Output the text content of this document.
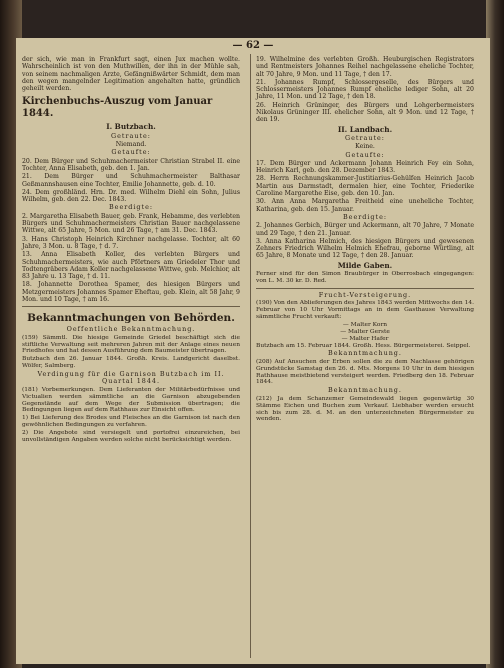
— 62 —

der sich, wie man in Frankfurt sagt, einen Jux machen wollte. Wahrscheinlich ist von den Muthwillen, der ihn in der Mühle sah, von seinem nachmaligen Arzte, Gefängnißwärter Schmidt, dem man den wegen mangelnder Legitimation angehalten hatte, gründlich geheilt werden.

Kirchenbuchs-Auszug vom Januar 1844.
I. Butzbach.
Getraute:
Niemand.
Getaufte:

20. Dem Bürger und Schuhmachermeister Christian Strabel II. eine Tochter, Anna Elisabeth, geb. den 1. Jan.

21. Dem Bürger und Schuhmachermeister Balthasar Geßmannshausen eine Tochter, Emilie Johannette, geb. d. 10.

24. Dem großhländ. Hrn. Dr. med. Wilhelm Diehl ein Sohn, Julius Wilhelm, geb. den 22. Dec. 1843.

Beerdigte:

2. Margaretha Elisabeth Bauer, geb. Frank, Hebamme, des verlebten Bürgers und Schuhmachermeisters Christian Bauer nachgelassene Wittwe, alt 65 Jahre, 5 Mon. und 26 Tage, † am 31. Dec. 1843.

3. Hans Christoph Heinrich Kirchner nachgelasse. Tochter, alt 60 Jahre, 3 Mon. u. 8 Tage, † d. 7.

13. Anna Elisabeth Koller, des verlebten Bürgers und Schuhmachermeisters, wie auch Pförtners am Griedeler Thor und Todtengräbers Adam Koller nachgelassene Wittwe, geb. Melchior, alt 83 Jahre u. 13 Tage, † d. 11.

18. Johannette Dorothea Spamer, des hiesigen Bürgers und Metzgermeisters Johannes Spamer Eheftau, geb. Klein, alt 58 Jahr, 9 Mon. und 10 Tage, † am 16.

Bekanntmachungen von Behörden.
Oeffentliche Bekanntmachung.

(159) Sämmtl. Die hiesige Gemeinde Griedel beschäftigt sich die stiftliche Verwaltung seit mehreren Jahren mit der Anlage eines neuen Friedhofes und hat dessen Ausführung dem Baumeister übertragen.

Butzbach den 26. Januar 1844. Großh. Kreis. Landgericht daselbst. Wölfer, Salmberg.

Verdingung für die Garnison Butzbach im II. Quartal 1844.

(181) Vorbemerkungen. Dem Lieferanten der Militärbedürfnisse und Victualien werden sämmtliche an die Garnison abzugebenden Gegenstände auf dem Wege der Submission übertragen; die Bedingungen liegen auf dem Rathhaus zur Einsicht offen.

1) Bei Lieferung des Brodes und Fleisches an die Garnison ist nach den gewöhnlichen Bedingungen zu verfahren.

2) Die Angebote sind versiegelt und portofrei einzureichen, bei unvollständigen Angaben werden solche nicht berücksichtigt werden.

19. Wilhelmine des verlebten Großh. Heuburgischen Registrators und Rentmeisters Johannes Reihel nachgelassene eheliche Tochter, alt 70 Jahre, 9 Mon. und 11 Tage, † den 17.

21. Johannes Rumpf, Schlossergeselle, des Bürgers und Schlossermeisters Johannes Rumpf eheliche lediger Sohn, alt 20 Jahre, 11 Mon. und 12 Tage, † den 18.

26. Heinrich Grüninger, des Bürgers und Lohgerbermeisters Nikolaus Grüninger III. ehelicher Sohn, alt 9 Mon. und 12 Tage, † den 19.

II. Landbach.
Getraute:
Keine.
Getaufte:

17. Dem Bürger und Ackermann Johann Heinrich Fey ein Sohn, Heinrich Karl, geb. den 28. Dezember 1843.

28. Herrn Rechnungskammer-Justitiarius-Gehülfen Heinrich Jacob Martin aus Darmstadt, dermalen hier, eine Tochter, Friederike Caroline Margarethe Eise, geb. den 10. Jan.

30. Ann Anna Margaretha Freitheid eine uneheliche Tochter, Katharina, geb. den 15. Januar.

Beerdigte:

2. Johannes Gerbich, Bürger und Ackermann, alt 70 Jahre, 7 Monate und 29 Tage, † den 21. Januar.

3. Anna Katharina Helmich, des hiesigen Bürgers und gewesenen Zehners Friedrich Wilhelm Helmich Ehefrau, geborne Würtling, alt 65 Jahre, 8 Monate und 12 Tage, † den 28. Januar.

Milde Gaben.

Ferner sind für den Simon Braubürger in Oberrosbach eingegangen: von L. M. 30 kr. D. Red.

Frucht-Versteigerung.

(190) Von den Ablieferungen des Jahres 1843 werden Mittwochs den 14. Februar von 10 Uhr Vormittags an in dem Gasthause Verwaltung sämmtliche Frucht verkauft:

— Malter Korn
— Malter Gerste
— Malter Hafer

Butzbach am 15. Februar 1844. Großh. Hess. Bürgermeisterei. Seippel.

Bekanntmachung.

(208) Auf Ansuchen der Erben sollen die zu dem Nachlasse gehörigen Grundstücke Samstag den 26. d. Mts. Morgens 10 Uhr in dem hiesigen Rathhause meistbietend versteigert werden. Friedberg den 18. Februar 1844.

Bekanntmachung.

(212) Ja dem Schanzemer Gemeindewald liegen gegenwärtig 30 Stämme Eichen und Buchen zum Verkauf. Liebhaber werden ersucht sich bis zum 28. d. M. an den unterzeichneten Bürgermeister zu wenden.
